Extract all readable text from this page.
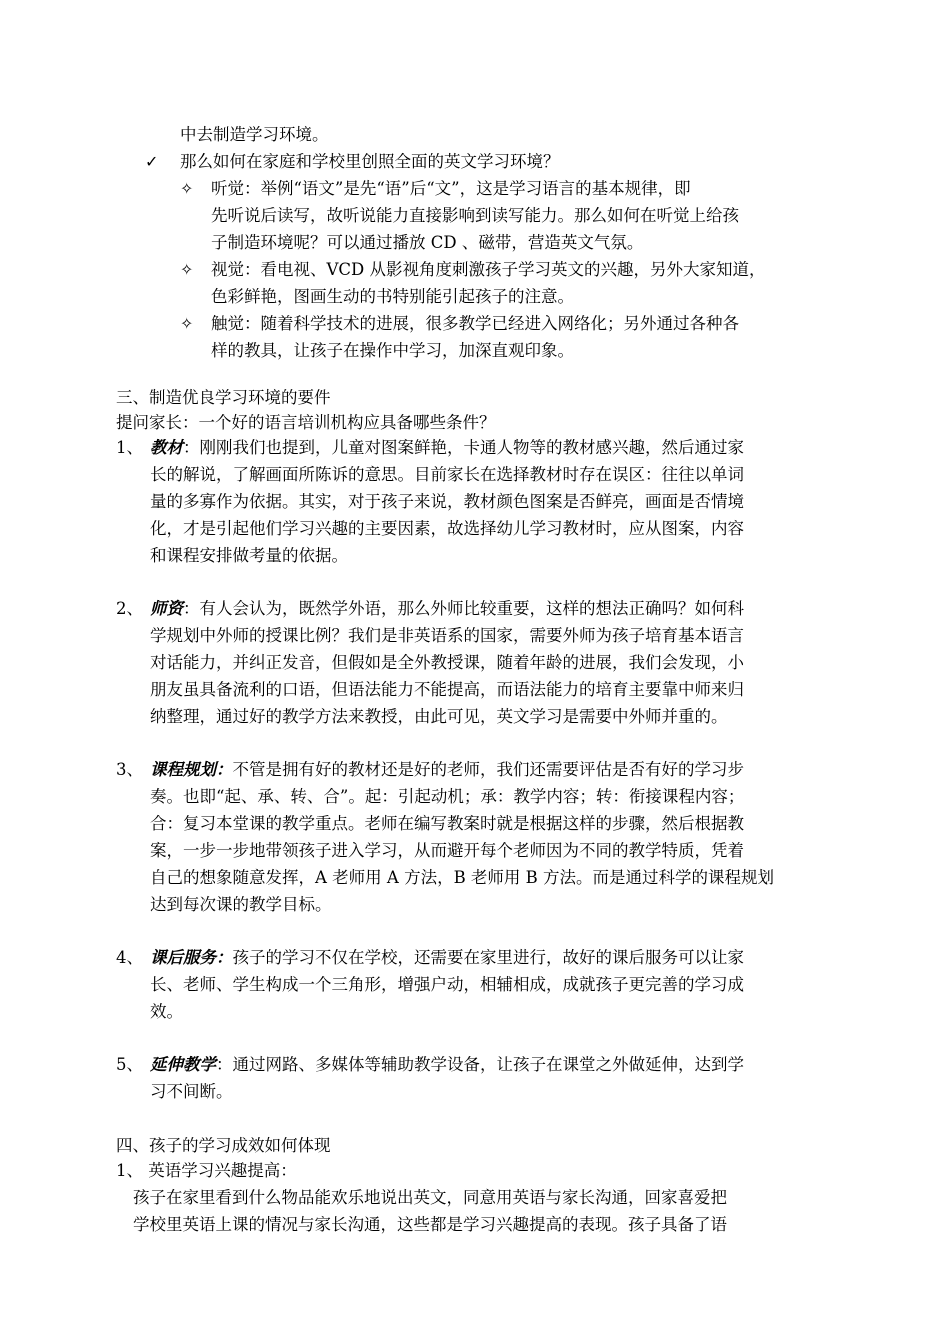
中去制造学习环境。
✓ 那么如何在家庭和学校里创照全面的英文学习环境？
✧ 听觉：举例“语文”是先“语”后“文”，这是学习语言的基本规律，即
先听说后读写，故听说能力直接影响到读写能力。那么如何在听觉上给孩
子制造环境呢？可以通过播放 CD 、磁带，营造英文气氛。
✧ 视觉：看电视、VCD 从影视角度刺激孩子学习英文的兴趣，另外大家知道，
色彩鲜艳，图画生动的书特别能引起孩子的注意。
✧ 触觉：随着科学技术的进展，很多教学已经进入网络化；另外通过各种各
样的教具，让孩子在操作中学习，加深直观印象。
三、制造优良学习环境的要件
提问家长：一个好的语言培训机构应具备哪些条件？
1、 教材：刚刚我们也提到，儿童对图案鲜艳，卡通人物等的教材感兴趣，然后通过家
长的解说，了解画面所陈诉的意思。目前家长在选择教材时存在误区：往往以单词
量的多寡作为依据。其实，对于孩子来说，教材颜色图案是否鲜亮，画面是否情境
化，才是引起他们学习兴趣的主要因素，故选择幼儿学习教材时，应从图案，内容
和课程安排做考量的依据。
2、 师资：有人会认为，既然学外语，那么外师比较重要，这样的想法正确吗？如何科
学规划中外师的授课比例？我们是非英语系的国家，需要外师为孩子培育基本语言
对话能力，并纠正发音，但假如是全外教授课，随着年龄的进展，我们会发现，小
朋友虽具备流利的口语，但语法能力不能提高，而语法能力的培育主要靠中师来归
纳整理，通过好的教学方法来教授，由此可见，英文学习是需要中外师并重的。
3、 课程规划：不管是拥有好的教材还是好的老师，我们还需要评估是否有好的学习步
奏。也即“起、承、转、合”。起：引起动机；承：教学内容；转：衔接课程内容；
合：复习本堂课的教学重点。老师在编写教案时就是根据这样的步骤，然后根据教
案，一步一步地带领孩子进入学习，从而避开每个老师因为不同的教学特质，凭着
自己的想象随意发挥，A 老师用 A 方法，B 老师用 B 方法。而是通过科学的课程规划
达到每次课的教学目标。
4、 课后服务：孩子的学习不仅在学校，还需要在家里进行，故好的课后服务可以让家
长、老师、学生构成一个三角形，增强户动，相辅相成，成就孩子更完善的学习成
效。
5、 延伸教学：通过网路、多媒体等辅助教学设备，让孩子在课堂之外做延伸，达到学
习不间断。
四、孩子的学习成效如何体现
1、 英语学习兴趣提高：
孩子在家里看到什么物品能欢乐地说出英文，同意用英语与家长沟通，回家喜爱把
学校里英语上课的情况与家长沟通，这些都是学习兴趣提高的表现。孩子具备了语
